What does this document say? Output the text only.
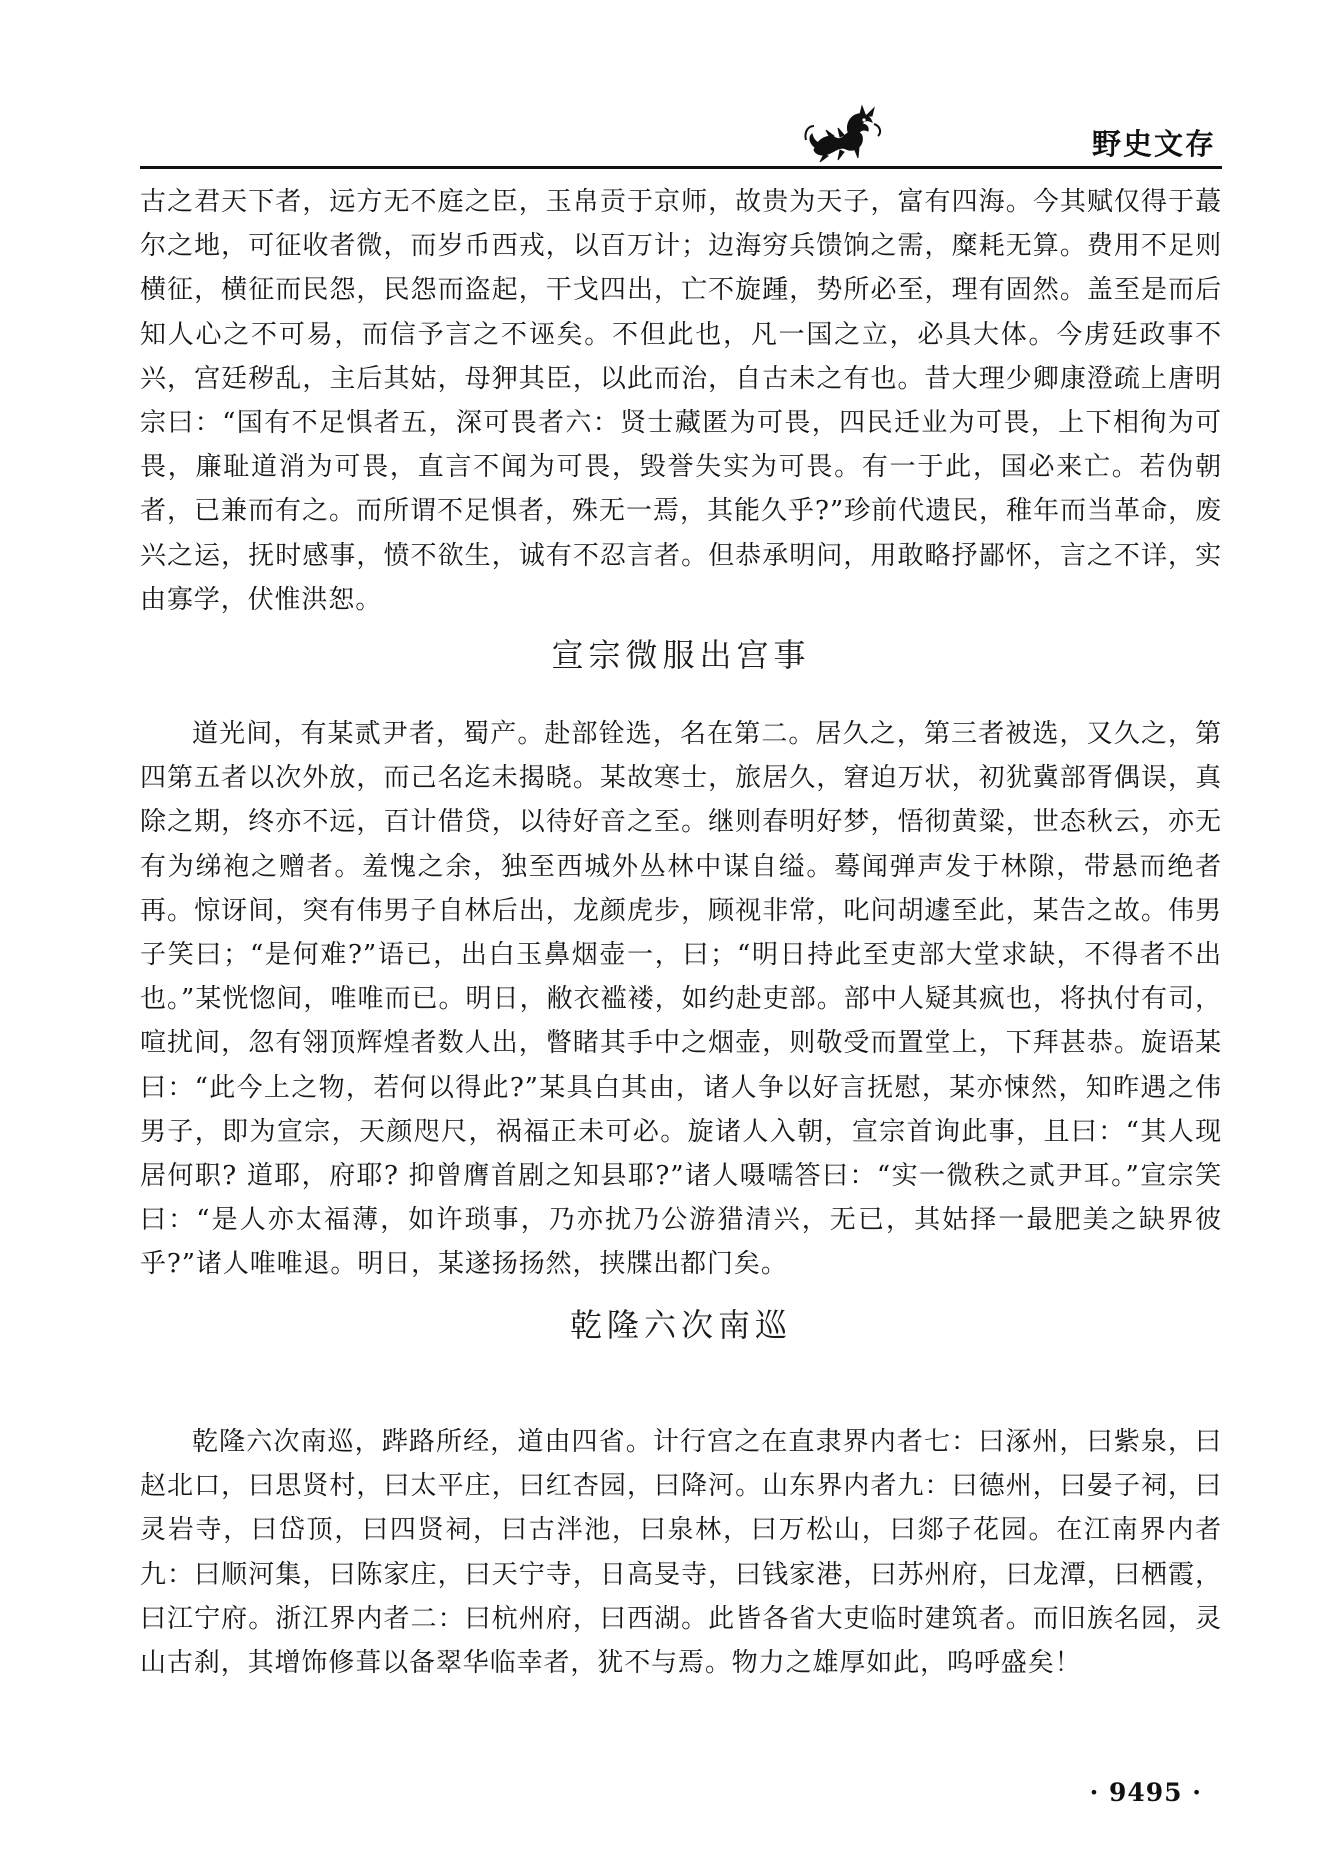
野史文存

古之君天下者，远方无不庭之臣，玉帛贡于京师，故贵为天子，富有四海。今其赋仅得于蕞尔之地，可征收者微，而岁币西戎，以百万计；边海穷兵馈饷之需，糜耗无算。费用不足则横征，横征而民怨，民怨而盗起，干戈四出，亡不旋踵，势所必至，理有固然。盖至是而后知人心之不可易，而信予言之不诬矣。不但此也，凡一国之立，必具大体。今虏廷政事不兴，宫廷秽乱，主后其姑，母狎其臣，以此而治，自古未之有也。昔大理少卿康澄疏上唐明宗曰：“国有不足惧者五，深可畏者六：贤士藏匿为可畏，四民迁业为可畏，上下相徇为可畏，廉耻道消为可畏，直言不闻为可畏，毁誉失实为可畏。有一于此，国必来亡。若伪朝者，已兼而有之。而所谓不足惧者，殊无一焉，其能久乎?”珍前代遗民，稚年而当革命，废兴之运，抚时感事，愤不欲生，诚有不忍言者。但恭承明问，用敢略抒鄙怀，言之不详，实由寡学，伏惟洪恕。

宣宗微服出宫事

道光间，有某贰尹者，蜀产。赴部铨选，名在第二。居久之，第三者被选，又久之，第四第五者以次外放，而己名迄未揭晓。某故寒士，旅居久，窘迫万状，初犹冀部胥偶误，真除之期，终亦不远，百计借贷，以待好音之至。继则春明好梦，悟彻黄粱，世态秋云，亦无有为绨袍之赠者。羞愧之余，独至西城外丛林中谋自缢。蓦闻弹声发于林隙，带悬而绝者再。惊讶间，突有伟男子自林后出，龙颜虎步，顾视非常，叱问胡遽至此，某告之故。伟男子笑曰；“是何难?”语已，出白玉鼻烟壶一，曰；“明日持此至吏部大堂求缺，不得者不出也。”某恍惚间，唯唯而已。明日，敝衣褴褛，如约赴吏部。部中人疑其疯也，将执付有司，喧扰间，忽有翎顶辉煌者数人出，瞥睹其手中之烟壶，则敬受而置堂上，下拜甚恭。旋语某曰：“此今上之物，若何以得此?”某具白其由，诸人争以好言抚慰，某亦悚然，知昨遇之伟男子，即为宣宗，天颜咫尺，祸福正未可必。旋诸人入朝，宣宗首询此事，且曰：“其人现居何职? 道耶，府耶? 抑曾膺首剧之知县耶?”诸人嗫嚅答曰：“实一微秩之贰尹耳。”宣宗笑曰：“是人亦太福薄，如许琐事，乃亦扰乃公游猎清兴，无已，其姑择一最肥美之缺界彼乎?”诸人唯唯退。明日，某遂扬扬然，挟牒出都门矣。

乾隆六次南巡

乾隆六次南巡，跸路所经，道由四省。计行宫之在直隶界内者七：曰涿州，曰紫泉，曰赵北口，曰思贤村，曰太平庄，曰红杏园，曰降河。山东界内者九：曰德州，曰晏子祠，曰灵岩寺，曰岱顶，曰四贤祠，曰古泮池，曰泉林，曰万松山，曰郯子花园。在江南界内者九：曰顺河集，曰陈家庄，曰天宁寺，日高旻寺，曰钱家港，曰苏州府，曰龙潭，曰栖霞，曰江宁府。浙江界内者二：曰杭州府，曰西湖。此皆各省大吏临时建筑者。而旧族名园，灵山古刹，其增饰修葺以备翠华临幸者，犹不与焉。物力之雄厚如此，呜呼盛矣！

· 9495 ·
